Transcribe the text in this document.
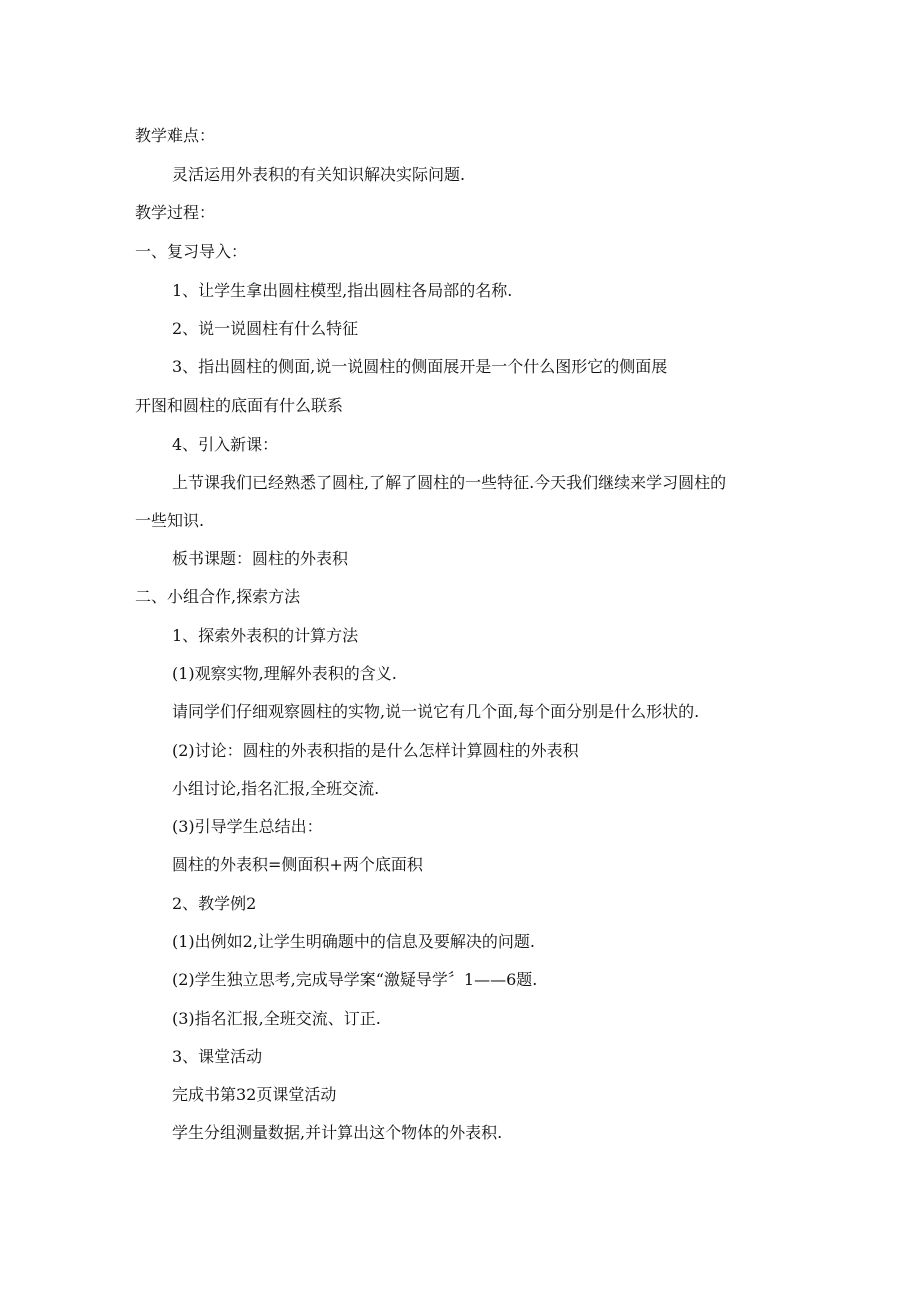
教学难点：

灵活运用外表积的有关知识解决实际问题.

教学过程：

一、复习导入：

1、让学生拿出圆柱模型,指出圆柱各局部的名称.

2、说一说圆柱有什么特征

3、指出圆柱的侧面,说一说圆柱的侧面展开是一个什么图形它的侧面展

开图和圆柱的底面有什么联系

4、引入新课：

上节课我们已经熟悉了圆柱,了解了圆柱的一些特征.今天我们继续来学习圆柱的

一些知识.

板书课题：圆柱的外表积

二、小组合作,探索方法

1、探索外表积的计算方法

(1)观察实物,理解外表积的含义.

请同学们仔细观察圆柱的实物,说一说它有几个面,每个面分别是什么形状的.

(2)讨论：圆柱的外表积指的是什么怎样计算圆柱的外表积

小组讨论,指名汇报,全班交流.

(3)引导学生总结出：

圆柱的外表积=侧面积+两个底面积

2、教学例2

(1)出例如2,让学生明确题中的信息及要解决的问题.

(2)学生独立思考,完成导学案“激疑导学〞1——6题.

(3)指名汇报,全班交流、订正.

3、课堂活动

完成书第32页课堂活动

学生分组测量数据,并计算出这个物体的外表积.
